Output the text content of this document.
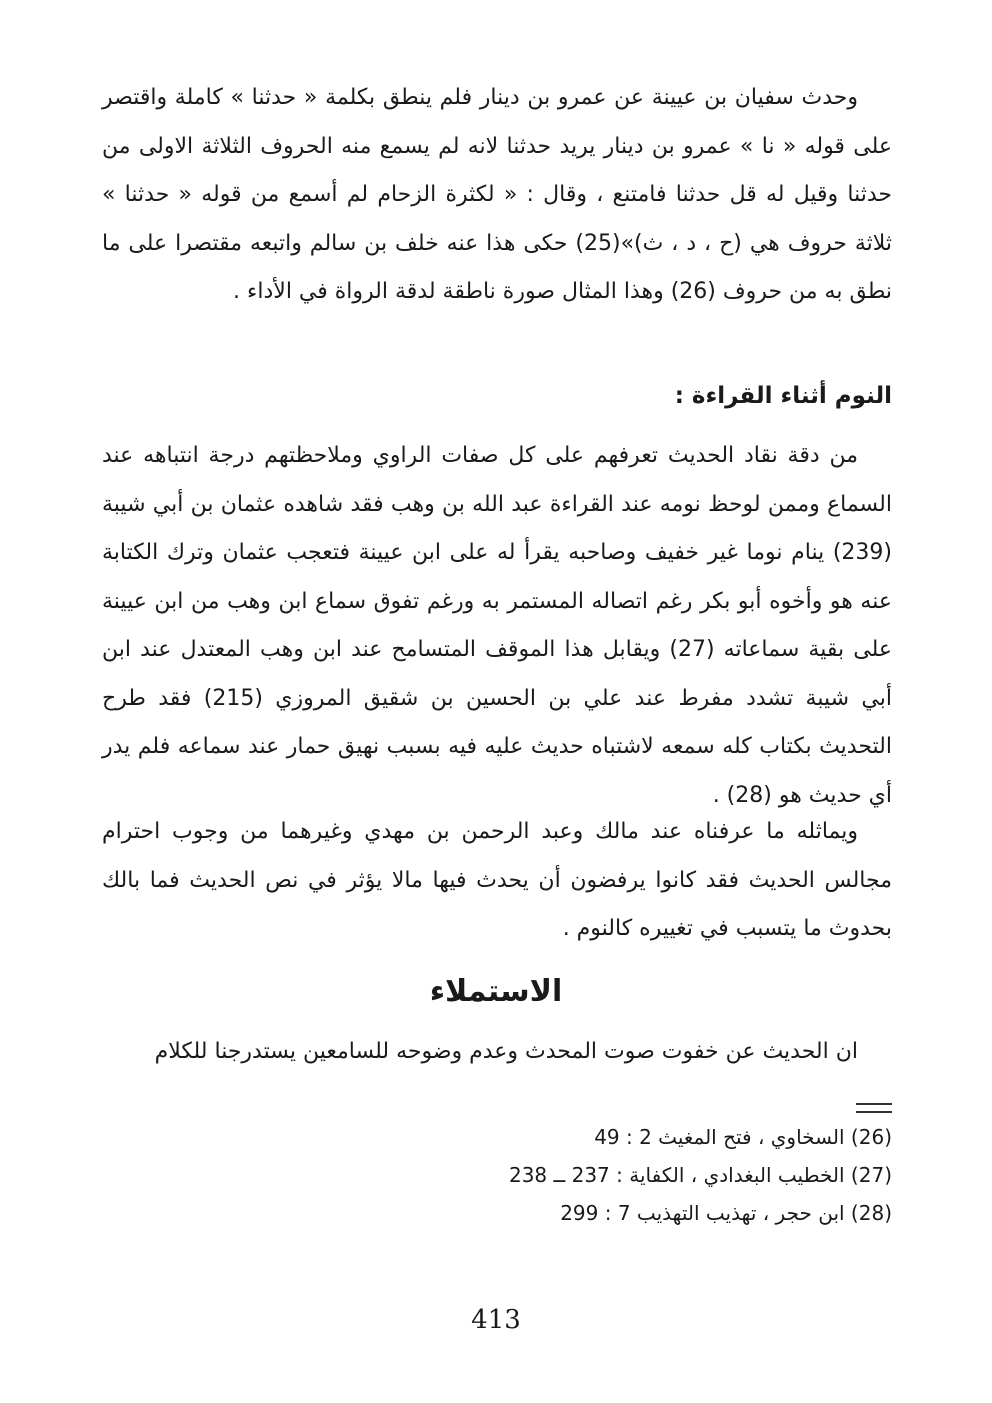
وحدث سفيان بن عيينة عن عمرو بن دينار فلم ينطق بكلمة « حدثنا » كاملة واقتصر على قوله « نا » عمرو بن دينار يريد حدثنا لانه لم يسمع منه الحروف الثلاثة الاولى من حدثنا وقيل له قل حدثنا فامتنع ، وقال : « لكثرة الزحام لم أسمع من قوله « حدثنا » ثلاثة حروف هي (ح ، د ، ث)»(25) حكى هذا عنه خلف بن سالم واتبعه مقتصرا على ما نطق به من حروف (26) وهذا المثال صورة ناطقة لدقة الرواة في الأداء .

النوم أثناء القراءة :

من دقة نقاد الحديث تعرفهم على كل صفات الراوي وملاحظتهم درجة انتباهه عند السماع وممن لوحظ نومه عند القراءة عبد الله بن وهب فقد شاهده عثمان بن أبي شيبة (239) ينام نوما غير خفيف وصاحبه يقرأ له على ابن عيينة فتعجب عثمان وترك الكتابة عنه هو وأخوه أبو بكر رغم اتصاله المستمر به ورغم تفوق سماع ابن وهب من ابن عيينة على بقية سماعاته (27) ويقابل هذا الموقف المتسامح عند ابن وهب المعتدل عند ابن أبي شيبة تشدد مفرط عند علي بن الحسين بن شقيق المروزي (215) فقد طرح التحديث بكتاب كله سمعه لاشتباه حديث عليه فيه بسبب نهيق حمار عند سماعه فلم يدر أي حديث هو (28) .

ويماثله ما عرفناه عند مالك وعبد الرحمن بن مهدي وغيرهما من وجوب احترام مجالس الحديث فقد كانوا يرفضون أن يحدث فيها مالا يؤثر في نص الحديث فما بالك بحدوث ما يتسبب في تغييره كالنوم .

الاستملاء

ان الحديث عن خفوت صوت المحدث وعدم وضوحه للسامعين يستدرجنا للكلام

(26) السخاوي ، فتح المغيث 2 : 49
(27) الخطيب البغدادي ، الكفاية : 237 ــ 238
(28) ابن حجر ، تهذيب التهذيب 7 : 299
413
